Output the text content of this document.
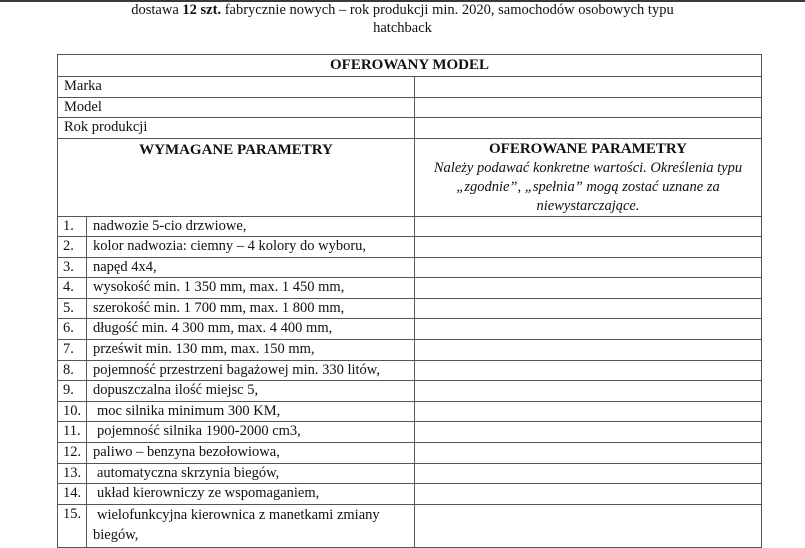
dostawa 12 szt. fabrycznie nowych – rok produkcji min. 2020, samochodów osobowych typu
hatchback
OFEROWANY MODEL		
Marka		
Model		
Rok produkcji		
WYMAGANE PARAMETRY		OFEROWANE PARAMETRY
Należy podawać konkretne wartości. Określenia typu „zgodnie”, „spełnia” mogą zostać uznane za niewystarczające.

1.	nadwozie 5-cio drzwiowe,	
2.	kolor nadwozia: ciemny – 4 kolory do wyboru,	
3.	napęd 4x4,	
4.	wysokość min. 1 350 mm, max. 1 450 mm,	
5.	szerokość min. 1 700 mm, max. 1 800 mm,	
6.	długość min. 4 300 mm, max. 4 400 mm,	
7.	prześwit min. 130 mm, max. 150 mm,	
8.	pojemność przestrzeni bagażowej min. 330 litów,	
9.	dopuszczalna ilość miejsc 5,	
10.	moc silnika minimum 300 KM,	
11.	pojemność silnika 1900-2000 cm3,	
12.	paliwo – benzyna bezołowiowa,	
13.	automatyczna skrzynia biegów,	
14.	układ kierowniczy ze wspomaganiem,	
15.	wielofunkcyjna kierownica z manetkami zmiany biegów,	
